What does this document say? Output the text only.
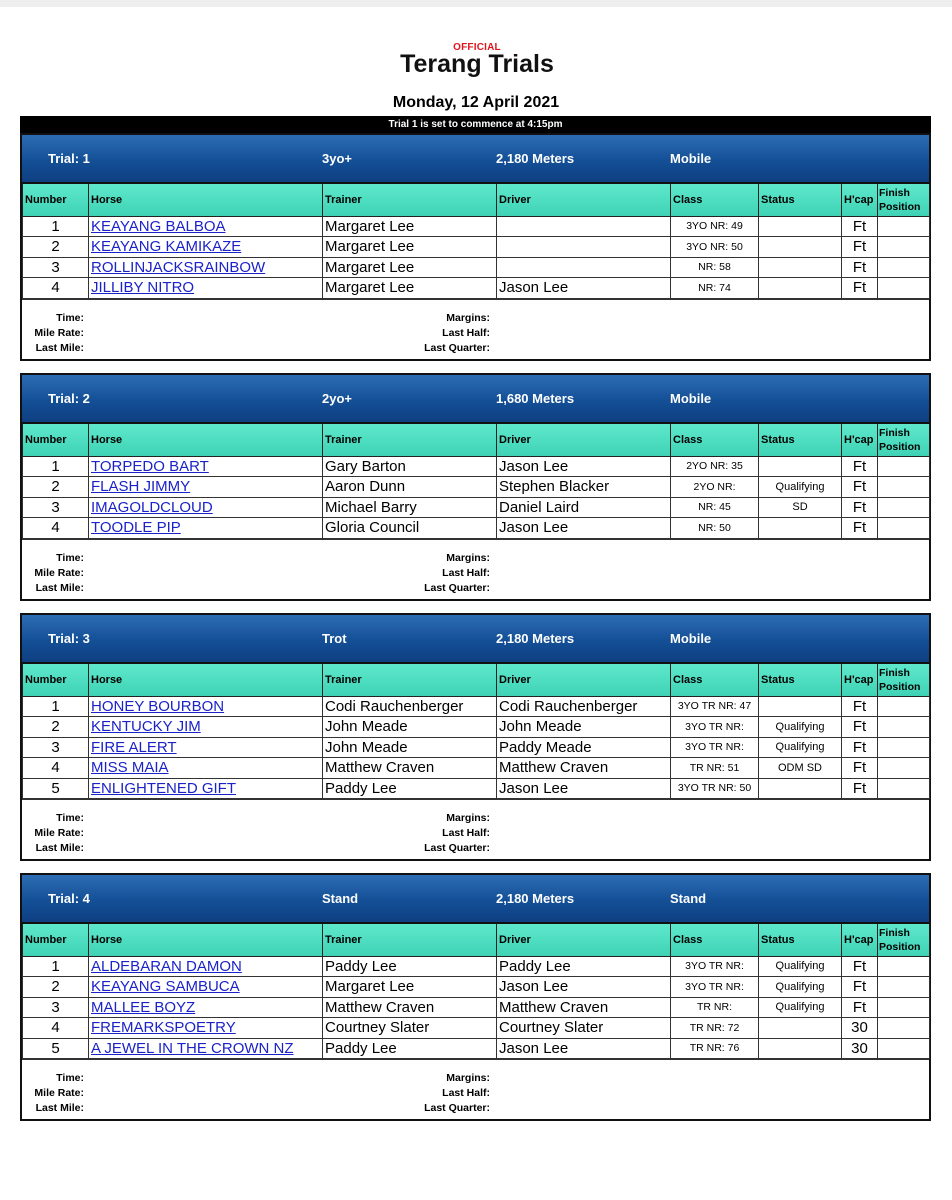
OFFICIAL
Terang Trials
Monday, 12 April 2021
Trial 1 is set to commence at 4:15pm
Trial: 1	3yo+	2,180 Meters	Mobile
Number	Horse	Trainer	Driver	Class	Status	H'cap	Finish
Position
1	KEAYANG BALBOA	Margaret Lee		3YO NR: 49		Ft	
2	KEAYANG KAMIKAZE	Margaret Lee		3YO NR: 50		Ft	
3	ROLLINJACKSRAINBOW	Margaret Lee		NR: 58		Ft	
4	JILLIBY NITRO	Margaret Lee	Jason Lee	NR: 74		Ft	
Time:
Mile Rate:
Last Mile:
Margins:
Last Half:
Last Quarter:
Trial: 2	2yo+	1,680 Meters	Mobile
Number	Horse	Trainer	Driver	Class	Status	H'cap	Finish
Position
1	TORPEDO BART	Gary Barton	Jason Lee	2YO NR: 35		Ft	
2	FLASH JIMMY	Aaron Dunn	Stephen Blacker	2YO NR:	Qualifying	Ft	
3	IMAGOLDCLOUD	Michael Barry	Daniel Laird	NR: 45	SD	Ft	
4	TOODLE PIP	Gloria Council	Jason Lee	NR: 50		Ft	
Time:
Mile Rate:
Last Mile:
Margins:
Last Half:
Last Quarter:
Trial: 3	Trot	2,180 Meters	Mobile
Number	Horse	Trainer	Driver	Class	Status	H'cap	Finish
Position
1	HONEY BOURBON	Codi Rauchenberger	Codi Rauchenberger	3YO TR NR: 47		Ft	
2	KENTUCKY JIM	John Meade	John Meade	3YO TR NR:	Qualifying	Ft	
3	FIRE ALERT	John Meade	Paddy Meade	3YO TR NR:	Qualifying	Ft	
4	MISS MAIA	Matthew Craven	Matthew Craven	TR NR: 51	ODM SD	Ft	
5	ENLIGHTENED GIFT	Paddy Lee	Jason Lee	3YO TR NR: 50		Ft	
Time:
Mile Rate:
Last Mile:
Margins:
Last Half:
Last Quarter:
Trial: 4	Stand	2,180 Meters	Stand
Number	Horse	Trainer	Driver	Class	Status	H'cap	Finish
Position
1	ALDEBARAN DAMON	Paddy Lee	Paddy Lee	3YO TR NR:	Qualifying	Ft	
2	KEAYANG SAMBUCA	Margaret Lee	Jason Lee	3YO TR NR:	Qualifying	Ft	
3	MALLEE BOYZ	Matthew Craven	Matthew Craven	TR NR:	Qualifying	Ft	
4	FREMARKSPOETRY	Courtney Slater	Courtney Slater	TR NR: 72		30	
5	A JEWEL IN THE CROWN NZ	Paddy Lee	Jason Lee	TR NR: 76		30	
Time:
Mile Rate:
Last Mile:
Margins:
Last Half:
Last Quarter:
